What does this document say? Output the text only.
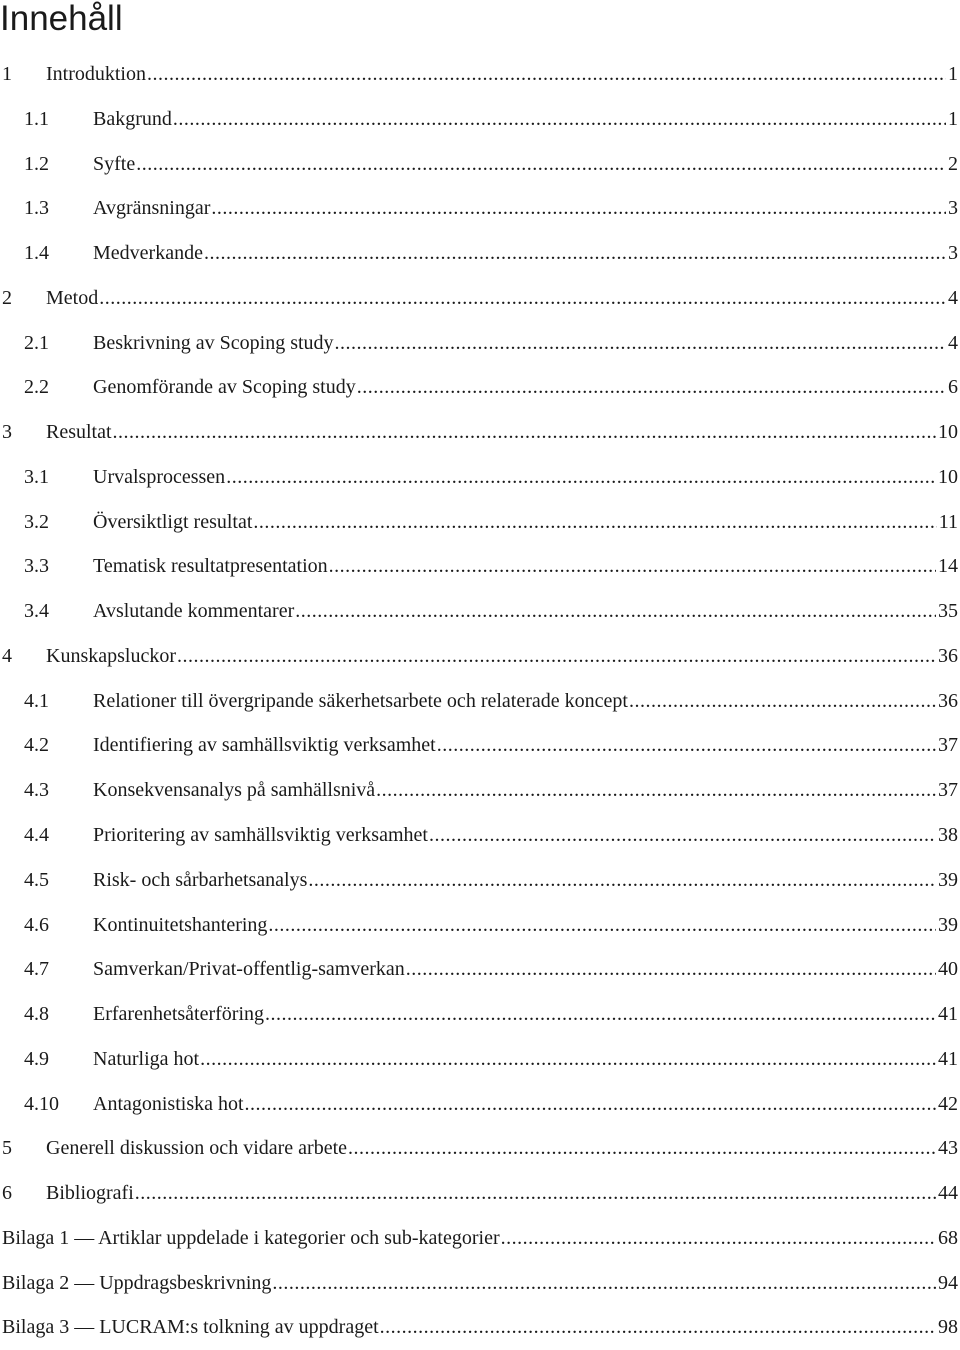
Innehåll
1	Introduktion .....	1
1.1	Bakgrund .....	1
1.2	Syfte .....	2
1.3	Avgränsningar .....	3
1.4	Medverkande .....	3
2	Metod .....	4
2.1	Beskrivning av Scoping study .....	4
2.2	Genomförande av Scoping study .....	6
3	Resultat .....	10
3.1	Urvalsprocessen .....	10
3.2	Översiktligt resultat .....	11
3.3	Tematisk resultatpresentation .....	14
3.4	Avslutande kommentarer .....	35
4	Kunskapsluckor .....	36
4.1	Relationer till övergripande säkerhetsarbete och relaterade koncept .....	36
4.2	Identifiering av samhällsviktig verksamhet .....	37
4.3	Konsekvensanalys på samhällsnivå .....	37
4.4	Prioritering av samhällsviktig verksamhet .....	38
4.5	Risk- och sårbarhetsanalys .....	39
4.6	Kontinuitetshantering .....	39
4.7	Samverkan/Privat-offentlig-samverkan .....	40
4.8	Erfarenhetsåterföring .....	41
4.9	Naturliga hot .....	41
4.10	Antagonistiska hot .....	42
5	Generell diskussion och vidare arbete .....	43
6	Bibliografi .....	44
Bilaga 1 — Artiklar uppdelade i kategorier och sub-kategorier .....	68
Bilaga 2 — Uppdragsbeskrivning .....	94
Bilaga 3 — LUCRAM:s tolkning av uppdraget .....	98
